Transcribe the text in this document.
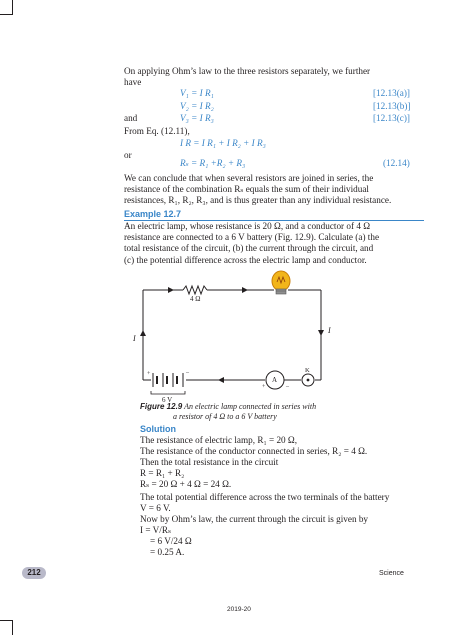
On applying Ohm’s law to the three resistors separately, we further
have
V₁ = I R₁	[12.13(a)]
V₂ = I R₂	[12.13(b)]
and	V₃ = I R₃	[12.13(c)]
From Eq. (12.11),
I R = I R₁ + I R₂ + I R₃
or
Rₛ = R₁ +R₂ + R₃	(12.14)
We can conclude that when several resistors are joined in series, the
resistance of the combination Rₛ equals the sum of their individual
resistances, R₁, R₂, R₃, and is thus greater than any individual resistance.
Example 12.7
An electric lamp, whose resistance is 20 Ω, and a conductor of 4 Ω
resistance are connected to a 6 V battery (Fig. 12.9). Calculate (a) the
total resistance of the circuit, (b) the current through the circuit, and
(c) the potential difference across the electric lamp and conductor.
4 Ω
I
I
6 V
A
K
+	–
+	–
Figure 12.9 An electric lamp connected in series with
a resistor of 4 Ω to a 6 V battery
Solution
The resistance of electric lamp, R₁ = 20 Ω,
The resistance of the conductor connected in series, R₂ = 4 Ω.
Then the total resistance in the circuit
R = R₁ + R₂
Rₛ = 20 Ω + 4 Ω = 24 Ω.
The total potential difference across the two terminals of the battery
V = 6 V.
Now by Ohm’s law, the current through the circuit is given by
I = V/Rₛ
= 6 V/24 Ω
= 0.25 A.
212	Science
2019-20
